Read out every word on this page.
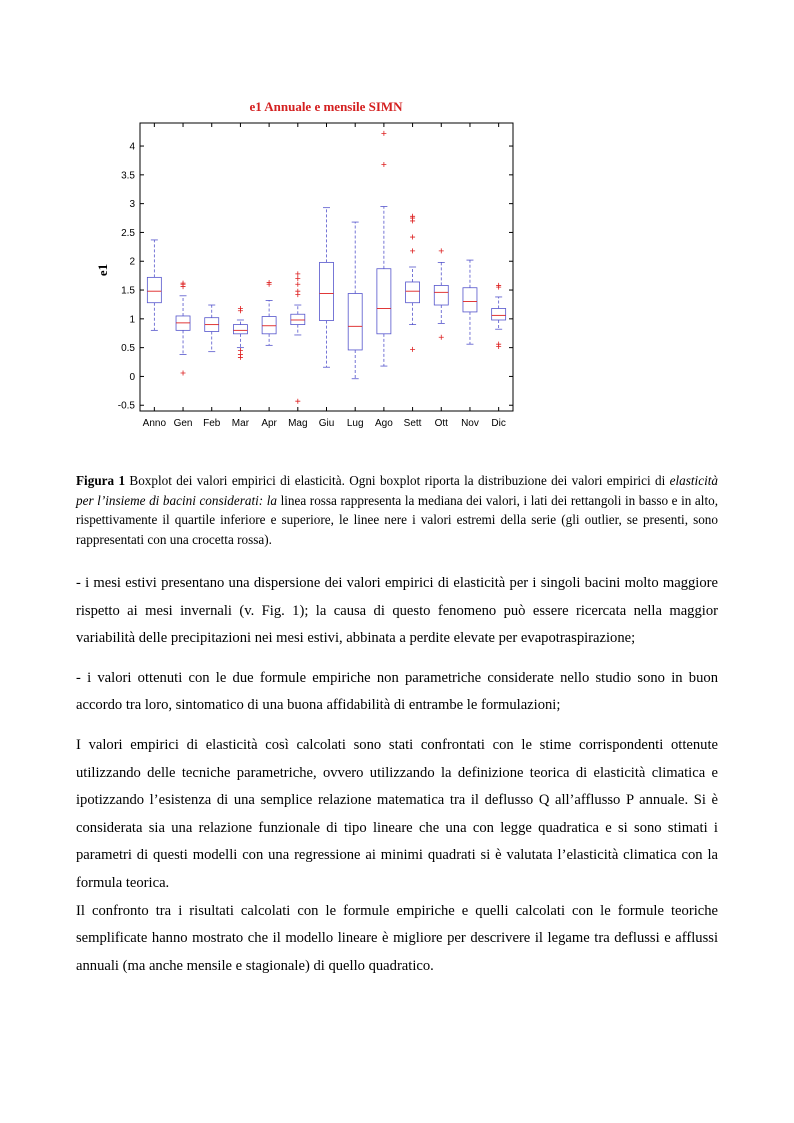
e1 Annuale e mensile SIMN
e1
-0.5
0
0.5
1
1.5
2
2.5
3
3.5
4
Anno Gen Feb Mar Apr Mag Giu Lug Ago Sett Ott Nov Dic
Figura 1 Boxplot dei valori empirici di elasticità. Ogni boxplot riporta la distribuzione dei valori empirici di elasticità per l’insieme di bacini considerati: la linea rossa rappresenta la mediana dei valori, i lati dei rettangoli in basso e in alto, rispettivamente il quartile inferiore e superiore, le linee nere i valori estremi della serie (gli outlier, se presenti, sono rappresentati con una crocetta rossa).

- i mesi estivi presentano una dispersione dei valori empirici di elasticità per i singoli bacini molto maggiore rispetto ai mesi invernali (v. Fig. 1); la causa di questo fenomeno può essere ricercata nella maggior variabilità delle precipitazioni nei mesi estivi, abbinata a perdite elevate per evapotraspirazione;

- i valori ottenuti con le due formule empiriche non parametriche considerate nello studio sono in buon accordo tra loro, sintomatico di una buona affidabilità di entrambe le formulazioni;

I valori empirici di elasticità così calcolati sono stati confrontati con le stime corrispondenti ottenute utilizzando delle tecniche parametriche, ovvero utilizzando la definizione teorica di elasticità climatica e ipotizzando l’esistenza di una semplice relazione matematica tra il deflusso Q all’afflusso P annuale. Si è considerata sia una relazione funzionale di tipo lineare che una con legge quadratica e si sono stimati i parametri di questi modelli con una regressione ai minimi quadrati si è valutata l’elasticità climatica con la formula teorica.

Il confronto tra i risultati calcolati con le formule empiriche e quelli calcolati con le formule teoriche semplificate hanno mostrato che il modello lineare è migliore per descrivere il legame tra deflussi e afflussi annuali (ma anche mensile e stagionale) di quello quadratico.
